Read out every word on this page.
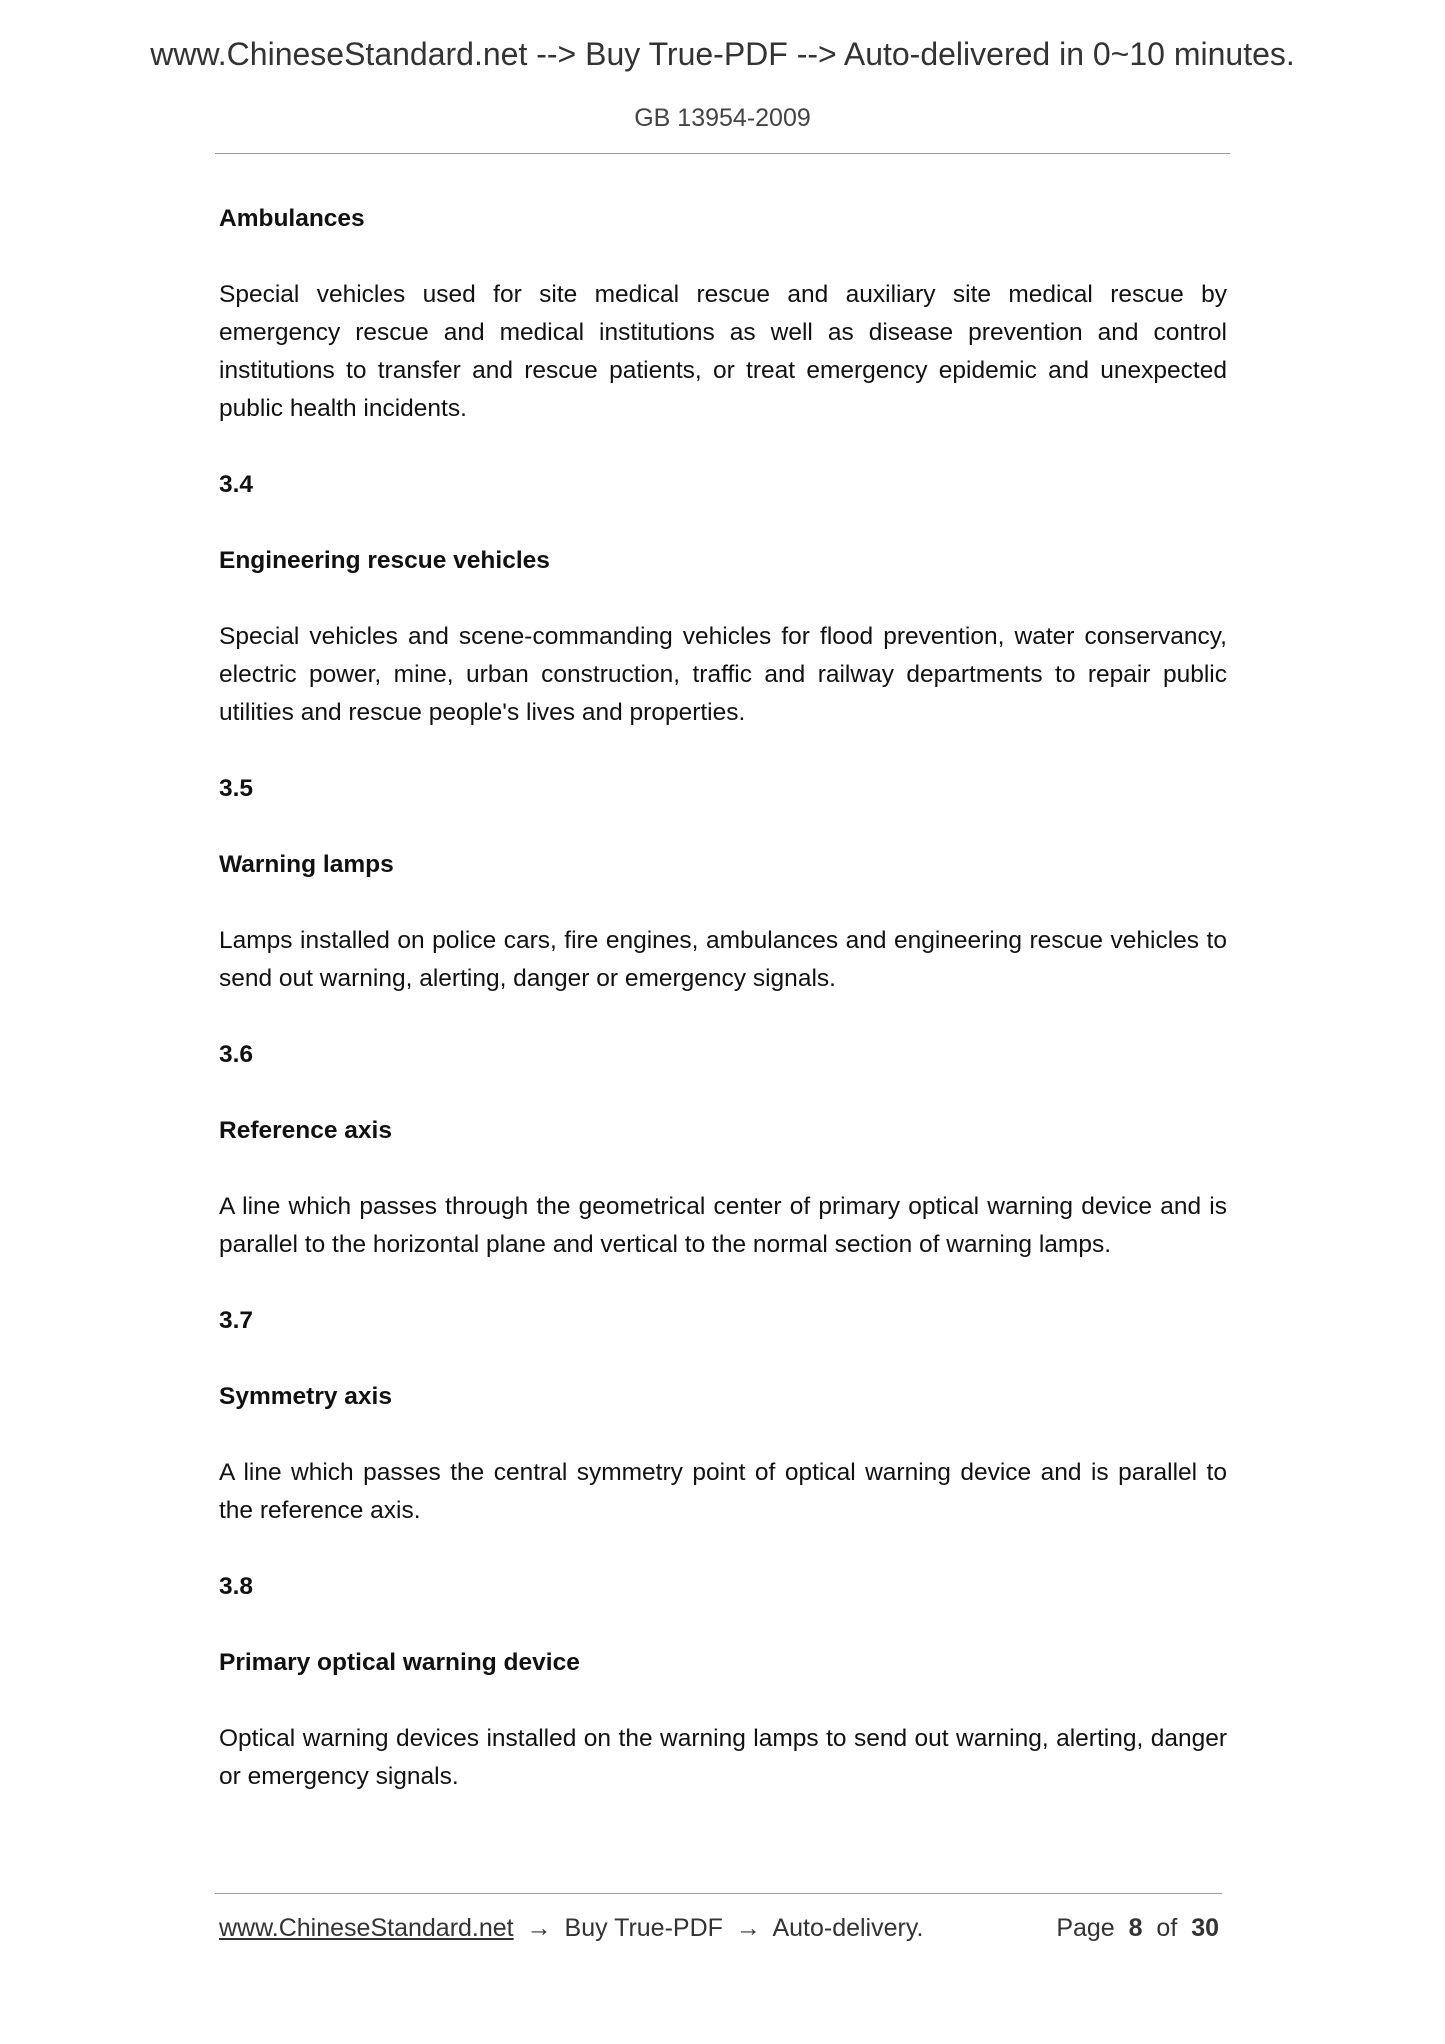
www.ChineseStandard.net --> Buy True-PDF --> Auto-delivered in 0~10 minutes.
GB 13954-2009
Ambulances
Special vehicles used for site medical rescue and auxiliary site medical rescue by emergency rescue and medical institutions as well as disease prevention and control institutions to transfer and rescue patients, or treat emergency epidemic and unexpected public health incidents.
3.4
Engineering rescue vehicles
Special vehicles and scene-commanding vehicles for flood prevention, water conservancy, electric power, mine, urban construction, traffic and railway departments to repair public utilities and rescue people's lives and properties.
3.5
Warning lamps
Lamps installed on police cars, fire engines, ambulances and engineering rescue vehicles to send out warning, alerting, danger or emergency signals.
3.6
Reference axis
A line which passes through the geometrical center of primary optical warning device and is parallel to the horizontal plane and vertical to the normal section of warning lamps.
3.7
Symmetry axis
A line which passes the central symmetry point of optical warning device and is parallel to the reference axis.
3.8
Primary optical warning device
Optical warning devices installed on the warning lamps to send out warning, alerting, danger or emergency signals.
www.ChineseStandard.net → Buy True-PDF → Auto-delivery.	Page 8 of 30
